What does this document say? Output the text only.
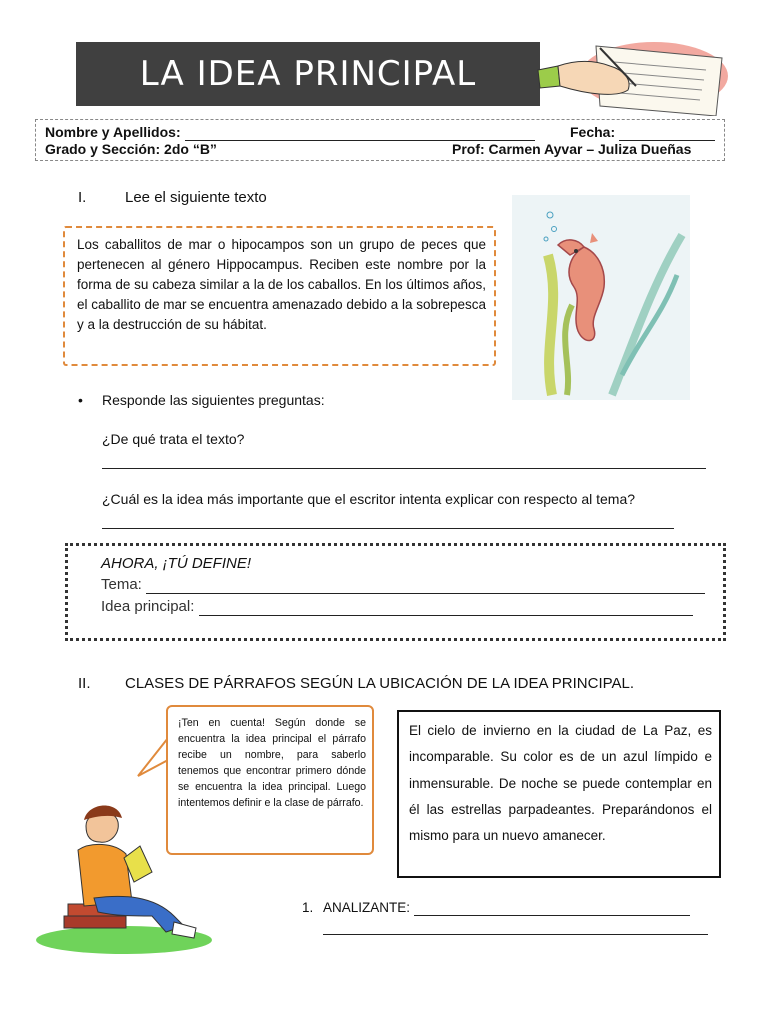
LA IDEA PRINCIPAL
Nombre y Apellidos:	Fecha:
Grado y Sección: 2do “B”	Prof: Carmen Ayvar – Juliza Dueñas
I.	Lee el siguiente texto
Los caballitos de mar o hipocampos son un grupo de peces que pertenecen al género Hippocampus. Reciben este nombre por la forma de su cabeza similar a la de los caballos. En los últimos años, el caballito de mar se encuentra amenazado debido a la sobrepesca y a la destrucción de su hábitat.
• Responde las siguientes preguntas:
¿De qué trata el texto?
¿Cuál es la idea más importante que el escritor intenta explicar con respecto al tema?
AHORA, ¡TÚ DEFINE!
Tema:
Idea principal:
II. CLASES DE PÁRRAFOS SEGÚN LA UBICACIÓN DE LA IDEA PRINCIPAL.
¡Ten en cuenta! Según donde se encuentra la idea principal el párrafo recibe un nombre, para saberlo tenemos que encontrar primero dónde se encuentra la idea principal. Luego intentemos definir e la clase de párrafo.
El cielo de invierno en la ciudad de La Paz, es incomparable. Su color es de un azul límpido e inmensurable. De noche se puede contemplar en él las estrellas parpadeantes. Preparándonos el mismo para un nuevo amanecer.
1. ANALIZANTE:
